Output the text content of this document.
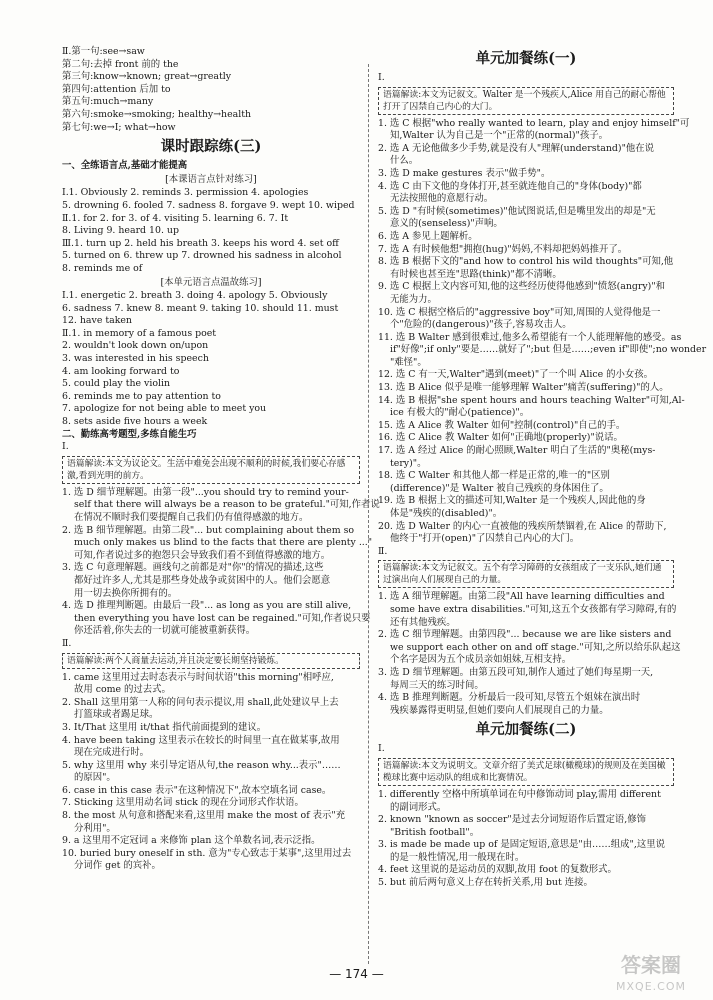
Ⅱ.第一句:see→saw
第二句:去掉 front 前的 the
第三句:know→known; great→greatly
第四句:attention 后加 to
第五句:much→many
第六句:smoke→smoking; healthy→health
第七句:we→I; what→how
课时跟踪练(三)
一、全练语言点,基础才能提高
[本课语言点针对练习]
Ⅰ.1. Obviously 2. reminds 3. permission 4. apologies
5. drowning 6. fooled 7. sadness 8. forgave 9. wept 10. wiped
Ⅱ.1. for 2. for 3. of 4. visiting 5. learning 6. 7. It
8. Living 9. heard 10. up
Ⅲ.1. turn up 2. held his breath 3. keeps his word 4. set off
5. turned on 6. threw up 7. drowned his sadness in alcohol
8. reminds me of
[本单元语言点温故练习]
Ⅰ.1. energetic 2. breath 3. doing 4. apology 5. Obviously
6. sadness 7. knew 8. meant 9. taking 10. should 11. must
12. have taken
Ⅱ.1. in memory of a famous poet
2. wouldn't look down on/upon
3. was interested in his speech
4. am looking forward to
5. could play the violin
6. reminds me to pay attention to
7. apologize for not being able to meet you
8. sets aside five hours a week
二、勤练高考题型,多练自能生巧
Ⅰ.
语篇解读:本文为议论文。生活中难免会出现不顺利的时候,我们要心存感激,看到光明的前方。
1. 选 D 细节理解题。由第一段"...you should try to remind your-
self that there will always be a reason to be grateful."可知,作者说
在情况不顺时我们要提醒自己我们仍有值得感激的地方。
2. 选 B 细节理解题。由第二段"... but complaining about them so
much only makes us blind to the facts that there are plenty ..."
可知,作者说过多的抱怨只会导致我们看不到值得感激的地方。
3. 选 C 句意理解题。画线句之前都是对"你"的情况的描述,这些
都好过许多人,尤其是那些身处战争或贫困中的人。他们会愿意
用一切去换你所拥有的。
4. 选 D 推理判断题。由最后一段"... as long as you are still alive,
then everything you have lost can be regained."可知,作者说只要
你还活着,你失去的一切就可能被重新获得。
Ⅱ.
语篇解读:两个人商量去运动,并且决定要长期坚持锻炼。
1. came 这里用过去时态表示与时间状语"this morning"相呼应,
故用 come 的过去式。
2. Shall 这里用第一人称的问句表示提议,用 shall,此处建议早上去
打篮球或者踢足球。
3. It/That 这里用 it/that 指代前面提到的建议。
4. have been taking 这里表示在较长的时间里一直在做某事,故用
现在完成进行时。
5. why 这里用 why 来引导定语从句,the reason why...表示"……
的原因"。
6. case in this case 表示"在这种情况下",故本空填名词 case。
7. Sticking 这里用动名词 stick 的现在分词形式作状语。
8. the most 从句意和搭配来看,这里用 make the most of 表示"充
分利用"。
9. a 这里用不定冠词 a 来修饰 plan 这个单数名词,表示泛指。
10. buried bury oneself in sth. 意为"专心致志于某事",这里用过去
分词作 get 的宾补。
单元加餐练(一)
Ⅰ.
语篇解读:本文为记叙文。Walter 是一个残疾人,Alice 用自己的耐心帮他打开了囚禁自己内心的大门。
1. 选 C 根据"who really wanted to learn, play and enjoy himself"可
知,Walter 认为自己是一个"正常的(normal)"孩子。
2. 选 A 无论他做多少手势,就是没有人"理解(understand)"他在说
什么。
3. 选 D make gestures 表示"做手势"。
4. 选 C 由下文他的身体打开,甚至就连他自己的"身体(body)"都
无法按照他的意愿行动。
5. 选 D "有时候(sometimes)"他试图说话,但是嘴里发出的却是"无
意义的(senseless)"声响。
6. 选 A 参见上题解析。
7. 选 A 有时候他想"拥抱(hug)"妈妈,不料却把妈妈推开了。
8. 选 B 根据下文的"and how to control his wild thoughts"可知,他
有时候也甚至连"思路(think)"都不清晰。
9. 选 C 根据上文内容可知,他的这些经历使得他感到"愤怒(angry)"和
无能为力。
10. 选 C 根据空格后的"aggressive boy"可知,周围的人觉得他是一
个"危险的(dangerous)"孩子,容易攻击人。
11. 选 B Walter 感到很难过,他多么希望能有一个人能理解他的感受。as
if"好像";if only"要是……就好了";but 但是……;even if"即使";no wonder
"难怪"。
12. 选 C 有一天,Walter"遇到(meet)"了一个叫 Alice 的小女孩。
13. 选 B Alice 似乎是唯一能够理解 Walter"痛苦(suffering)"的人。
14. 选 B 根据"she spent hours and hours teaching Walter"可知,Al-
ice 有极大的"耐心(patience)"。
15. 选 A Alice 教 Walter 如何"控制(control)"自己的手。
16. 选 C Alice 教 Walter 如何"正确地(properly)"说话。
17. 选 A 经过 Alice 的耐心照顾,Walter 明白了生活的"奥秘(mys-
tery)"。
18. 选 C Walter 和其他人都一样是正常的,唯一的"区别
(difference)"是 Walter 被自己残疾的身体困住了。
19. 选 B 根据上文的描述可知,Walter 是一个残疾人,因此他的身
体是"残疾的(disabled)"。
20. 选 D Walter 的内心一直被他的残疾所禁锢着,在 Alice 的帮助下,
他终于"打开(open)"了囚禁自己内心的大门。
Ⅱ.
语篇解读:本文为记叙文。五个有学习障碍的女孩组成了一支乐队,她们通过演出向人们展现自己的力量。
1. 选 A 细节理解题。由第二段"All have learning difficulties and
some have extra disabilities."可知,这五个女孩都有学习障碍,有的
还有其他残疾。
2. 选 C 细节理解题。由第四段"... because we are like sisters and
we support each other on and off stage."可知,之所以给乐队起这
个名字是因为五个成员亲如姐妹,互相支持。
3. 选 D 细节理解题。由第五段可知,制作人通过了她们每星期一天,
每周三天的练习时间。
4. 选 B 推理判断题。分析最后一段可知,尽管五个姐妹在演出时
残疾暴露得更明显,但她们要向人们展现自己的力量。
单元加餐练(二)
Ⅰ.
语篇解读:本文为说明文。文章介绍了美式足球(橄榄球)的规则及在美国橄榄球比赛中运动队的组成和比赛情况。
1. differently 空格中所填单词在句中修饰动词 play,需用 different
的副词形式。
2. known "known as soccer"是过去分词短语作后置定语,修饰
"British football"。
3. is made be made up of 是固定短语,意思是"由……组成",这里说
的是一般性情况,用一般现在时。
4. feet 这里说的是运动员的双脚,故用 foot 的复数形式。
5. but 前后两句意义上存在转折关系,用 but 连接。
— 174 —	答案圈
MXQE.COM
